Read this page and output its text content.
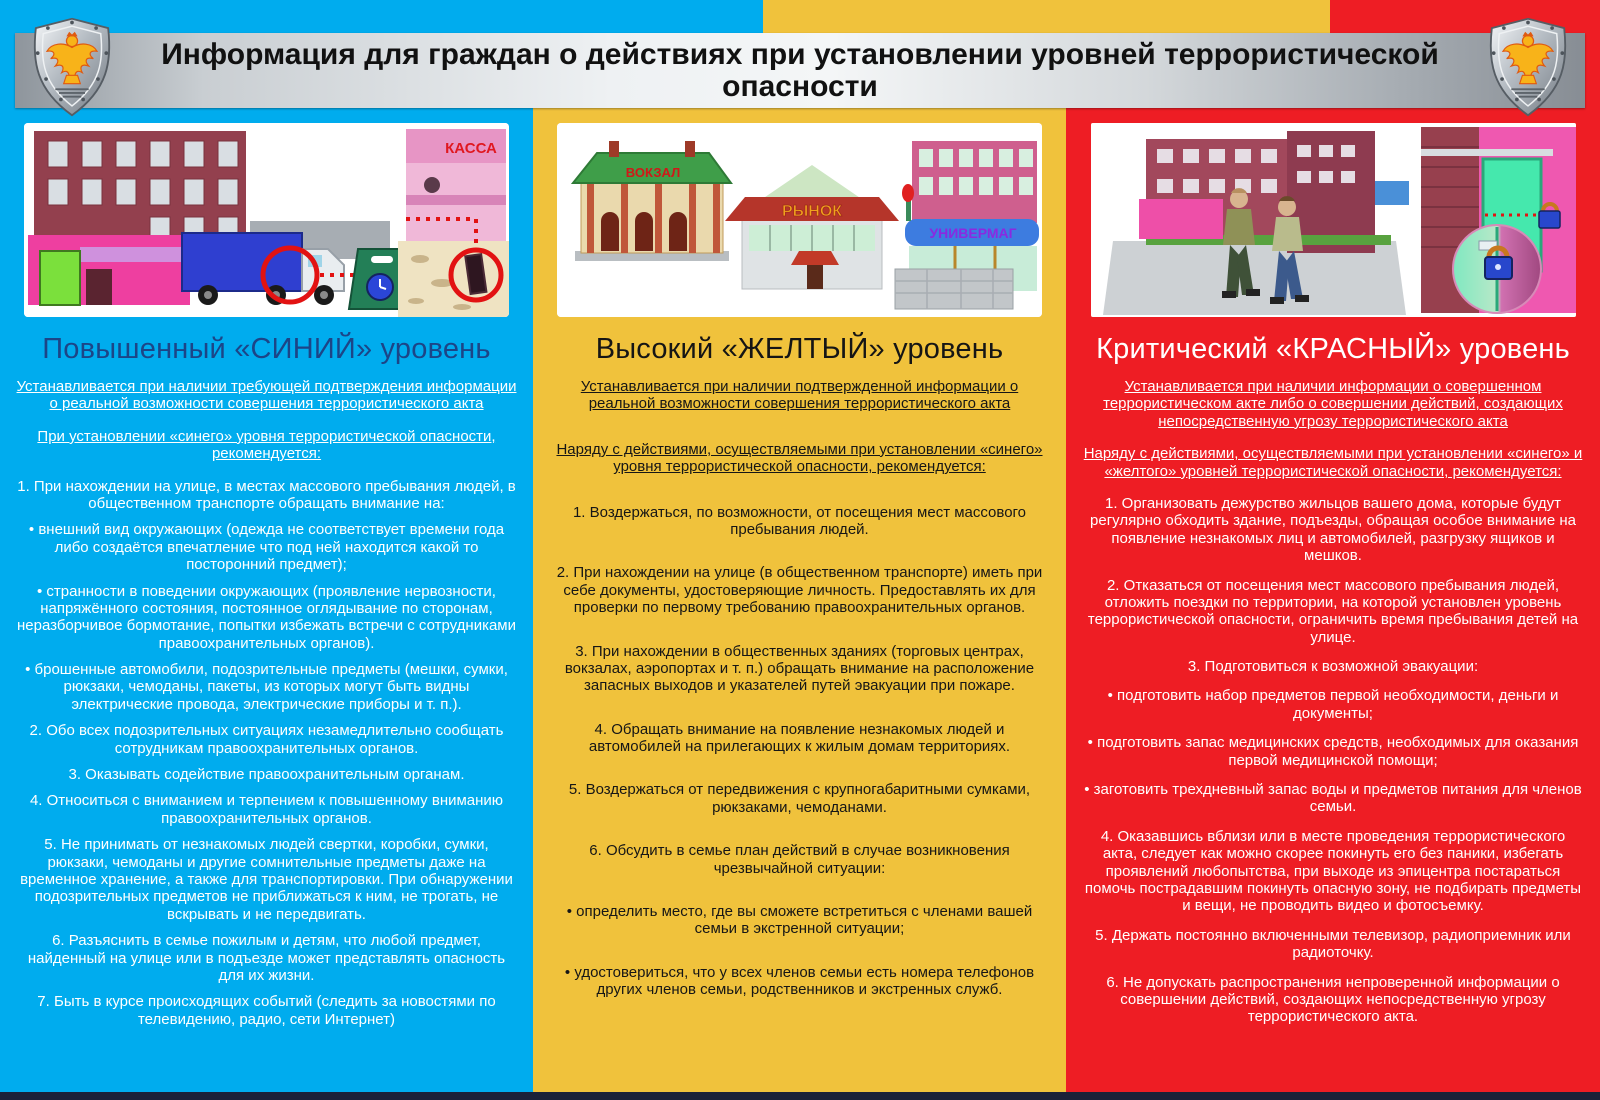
Информация для граждан о действиях при установлении уровней террористической опасности
КАССА
Повышенный «СИНИЙ» уровень

Устанавливается при наличии требующей подтверждения информации о реальной возможности совершения террористического акта

При установлении «синего» уровня террористической опасности, рекомендуется:

1. При нахождении на улице, в местах массового пребывания людей, в общественном транспорте обращать внимание на:

• внешний вид окружающих (одежда не соответствует времени года либо создаётся впечатление что под ней находится какой то посторонний предмет);

• странности в поведении окружающих (проявление нервозности, напряжённого состояния, постоянное оглядывание по сторонам, неразборчивое бормотание, попытки избежать встречи с сотрудниками правоохранительных органов).

• брошенные автомобили, подозрительные предметы (мешки, сумки, рюкзаки, чемоданы, пакеты, из которых могут быть видны электрические провода, электрические приборы и т. п.).

2. Обо всех подозрительных ситуациях незамедлительно сообщать сотрудникам правоохранительных органов.

3. Оказывать содействие правоохранительным органам.

4. Относиться с вниманием и терпением к повышенному вниманию правоохранительных органов.

5. Не принимать от незнакомых людей свертки, коробки, сумки, рюкзаки, чемоданы и другие сомнительные предметы даже на временное хранение, а также для транспортировки. При обнаружении подозрительных предметов не приближаться к ним, не трогать, не вскрывать и не передвигать.

6. Разъяснить в семье пожилым и детям, что любой предмет, найденный на улице или в подъезде может представлять опасность для их жизни.

7. Быть в курсе происходящих событий (следить за новостями по телевидению, радио, сети Интернет)

ВОКЗАЛ
РЫНОК
УНИВЕРМАГ
Высокий «ЖЕЛТЫЙ» уровень

Устанавливается при наличии подтвержденной информации о реальной возможности совершения террористического акта

Наряду с действиями, осуществляемыми при установлении «синего» уровня террористической опасности, рекомендуется:

1. Воздержаться, по возможности, от посещения мест массового пребывания людей.

2. При нахождении на улице (в общественном транспорте) иметь при себе документы, удостоверяющие личность. Предоставлять их для проверки по первому требованию правоохранительных органов.

3. При нахождении в общественных зданиях (торговых центрах, вокзалах, аэропортах и т. п.) обращать внимание на расположение запасных выходов и указателей путей эвакуации при пожаре.

4. Обращать внимание на появление незнакомых людей и автомобилей на прилегающих к жилым домам территориях.

5. Воздержаться от передвижения с крупногабаритными сумками, рюкзаками, чемоданами.

6. Обсудить в семье план действий в случае возникновения чрезвычайной ситуации:

• определить место, где вы сможете встретиться с членами вашей семьи в экстренной ситуации;

• удостовериться, что у всех членов семьи есть номера телефонов других членов семьи, родственников и экстренных служб.

Критический «КРАСНЫЙ» уровень

Устанавливается при наличии информации о совершенном террористическом акте либо о совершении действий, создающих непосредственную угрозу террористического акта

Наряду с действиями, осуществляемыми при установлении «синего» и «желтого» уровней террористической опасности, рекомендуется:

1. Организовать дежурство жильцов вашего дома, которые будут регулярно обходить здание, подъезды, обращая особое внимание на появление незнакомых лиц и автомобилей, разгрузку ящиков и мешков.

2. Отказаться от посещения мест массового пребывания людей, отложить поездки по территории, на которой установлен уровень террористической опасности, ограничить время пребывания детей на улице.

3. Подготовиться к возможной эвакуации:

• подготовить набор предметов первой необходимости, деньги и документы;

• подготовить запас медицинских средств, необходимых для оказания первой медицинской помощи;

• заготовить трехдневный запас воды и предметов питания для членов семьи.

4. Оказавшись вблизи или в месте проведения террористического акта, следует как можно скорее покинуть его без паники, избегать проявлений любопытства, при выходе из эпицентра постараться помочь пострадавшим покинуть опасную зону, не подбирать предметы и вещи, не проводить видео и фотосъемку.

5. Держать постоянно включенными телевизор, радиоприемник или радиоточку.

6. Не допускать распространения непроверенной информации о совершении действий, создающих непосредственную угрозу террористического акта.
